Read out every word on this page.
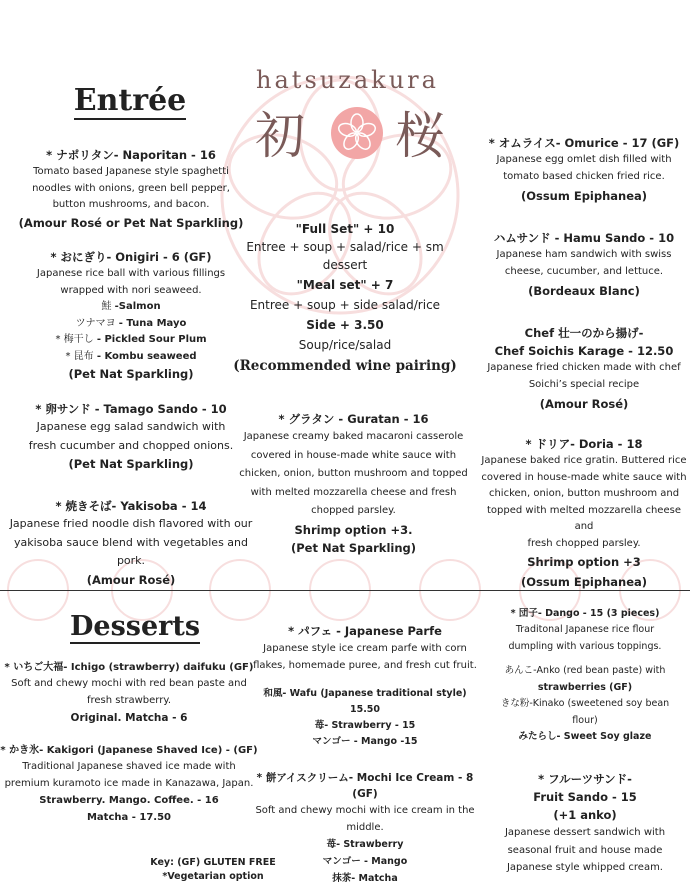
hatsuzakura
初 桜
Entrée
* ナポリタン- Naporitan - 16
Tomato based Japanese style spaghetti
noodles with onions, green bell pepper,
button mushrooms, and bacon.
(Amour Rosé or Pet Nat Sparkling)
* おにぎり- Onigiri - 6 (GF)
Japanese rice ball with various fillings
wrapped with nori seaweed.
鮭 -Salmon
ツナマヨ - Tuna Mayo
* 梅干し - Pickled Sour Plum
* 昆布 - Kombu seaweed
(Pet Nat Sparkling)
* 卵サンド - Tamago Sando - 10
Japanese egg salad sandwich with
fresh cucumber and chopped onions.
(Pet Nat Sparkling)
* 焼きそば- Yakisoba - 14
Japanese fried noodle dish flavored with our
yakisoba sauce blend with vegetables and pork.
(Amour Rosé)
"Full Set" + 10
Entree + soup + salad/rice + sm dessert
"Meal set" + 7
Entree + soup + side salad/rice
Side + 3.50
Soup/rice/salad
(Recommended wine pairing)
* グラタン - Guratan - 16
Japanese creamy baked macaroni casserole
covered in house-made white sauce with
chicken, onion, button mushroom and topped
with melted mozzarella cheese and fresh
chopped parsley.
Shrimp option +3.
(Pet Nat Sparkling)
* オムライス- Omurice - 17 (GF)
Japanese egg omlet dish filled with
tomato based chicken fried rice.
(Ossum Epiphanea)
ハムサンド - Hamu Sando - 10
Japanese ham sandwich with swiss
cheese, cucumber, and lettuce.
(Bordeaux Blanc)
Chef 壮一のから揚げ-
Chef Soichis Karage - 12.50
Japanese fried chicken made with chef
Soichi’s special recipe
(Amour Rosé)
* ドリア- Doria - 18
Japanese baked rice gratin. Buttered rice
covered in house-made white sauce with
chicken, onion, button mushroom and
topped with melted mozzarella cheese and
fresh chopped parsley.
Shrimp option +3
(Ossum Epiphanea)
Desserts
* いちご大福- Ichigo (strawberry) daifuku (GF)
Soft and chewy mochi with red bean paste and
fresh strawberry.
Original. Matcha - 6
* かき氷- Kakigori (Japanese Shaved Ice) - (GF)
Traditional Japanese shaved ice made with
premium kuramoto ice made in Kanazawa, Japan.
Strawberry. Mango. Coffee. - 16
Matcha - 17.50
* パフェ - Japanese Parfe
Japanese style ice cream parfe with corn
flakes, homemade puree, and fresh cut fruit.
和風- Wafu (Japanese traditional style) 15.50
苺- Strawberry - 15
マンゴー - Mango -15
* 餅アイスクリーム- Mochi Ice Cream - 8 (GF)
Soft and chewy mochi with ice cream in the
middle.
苺- Strawberry
マンゴー - Mango
抹茶- Matcha
* 団子- Dango - 15 (3 pieces)
Traditonal Japanese rice flour
dumpling with various toppings.
あんこ-Anko (red bean paste) with
strawberries (GF)
きな粉-Kinako (sweetened soy bean
flour)
みたらし- Sweet Soy glaze
* フルーツサンド-
Fruit Sando - 15
(+1 anko)
Japanese dessert sandwich with
seasonal fruit and house made
Japanese style whipped cream.
Key: (GF) GLUTEN FREE
*Vegetarian option
